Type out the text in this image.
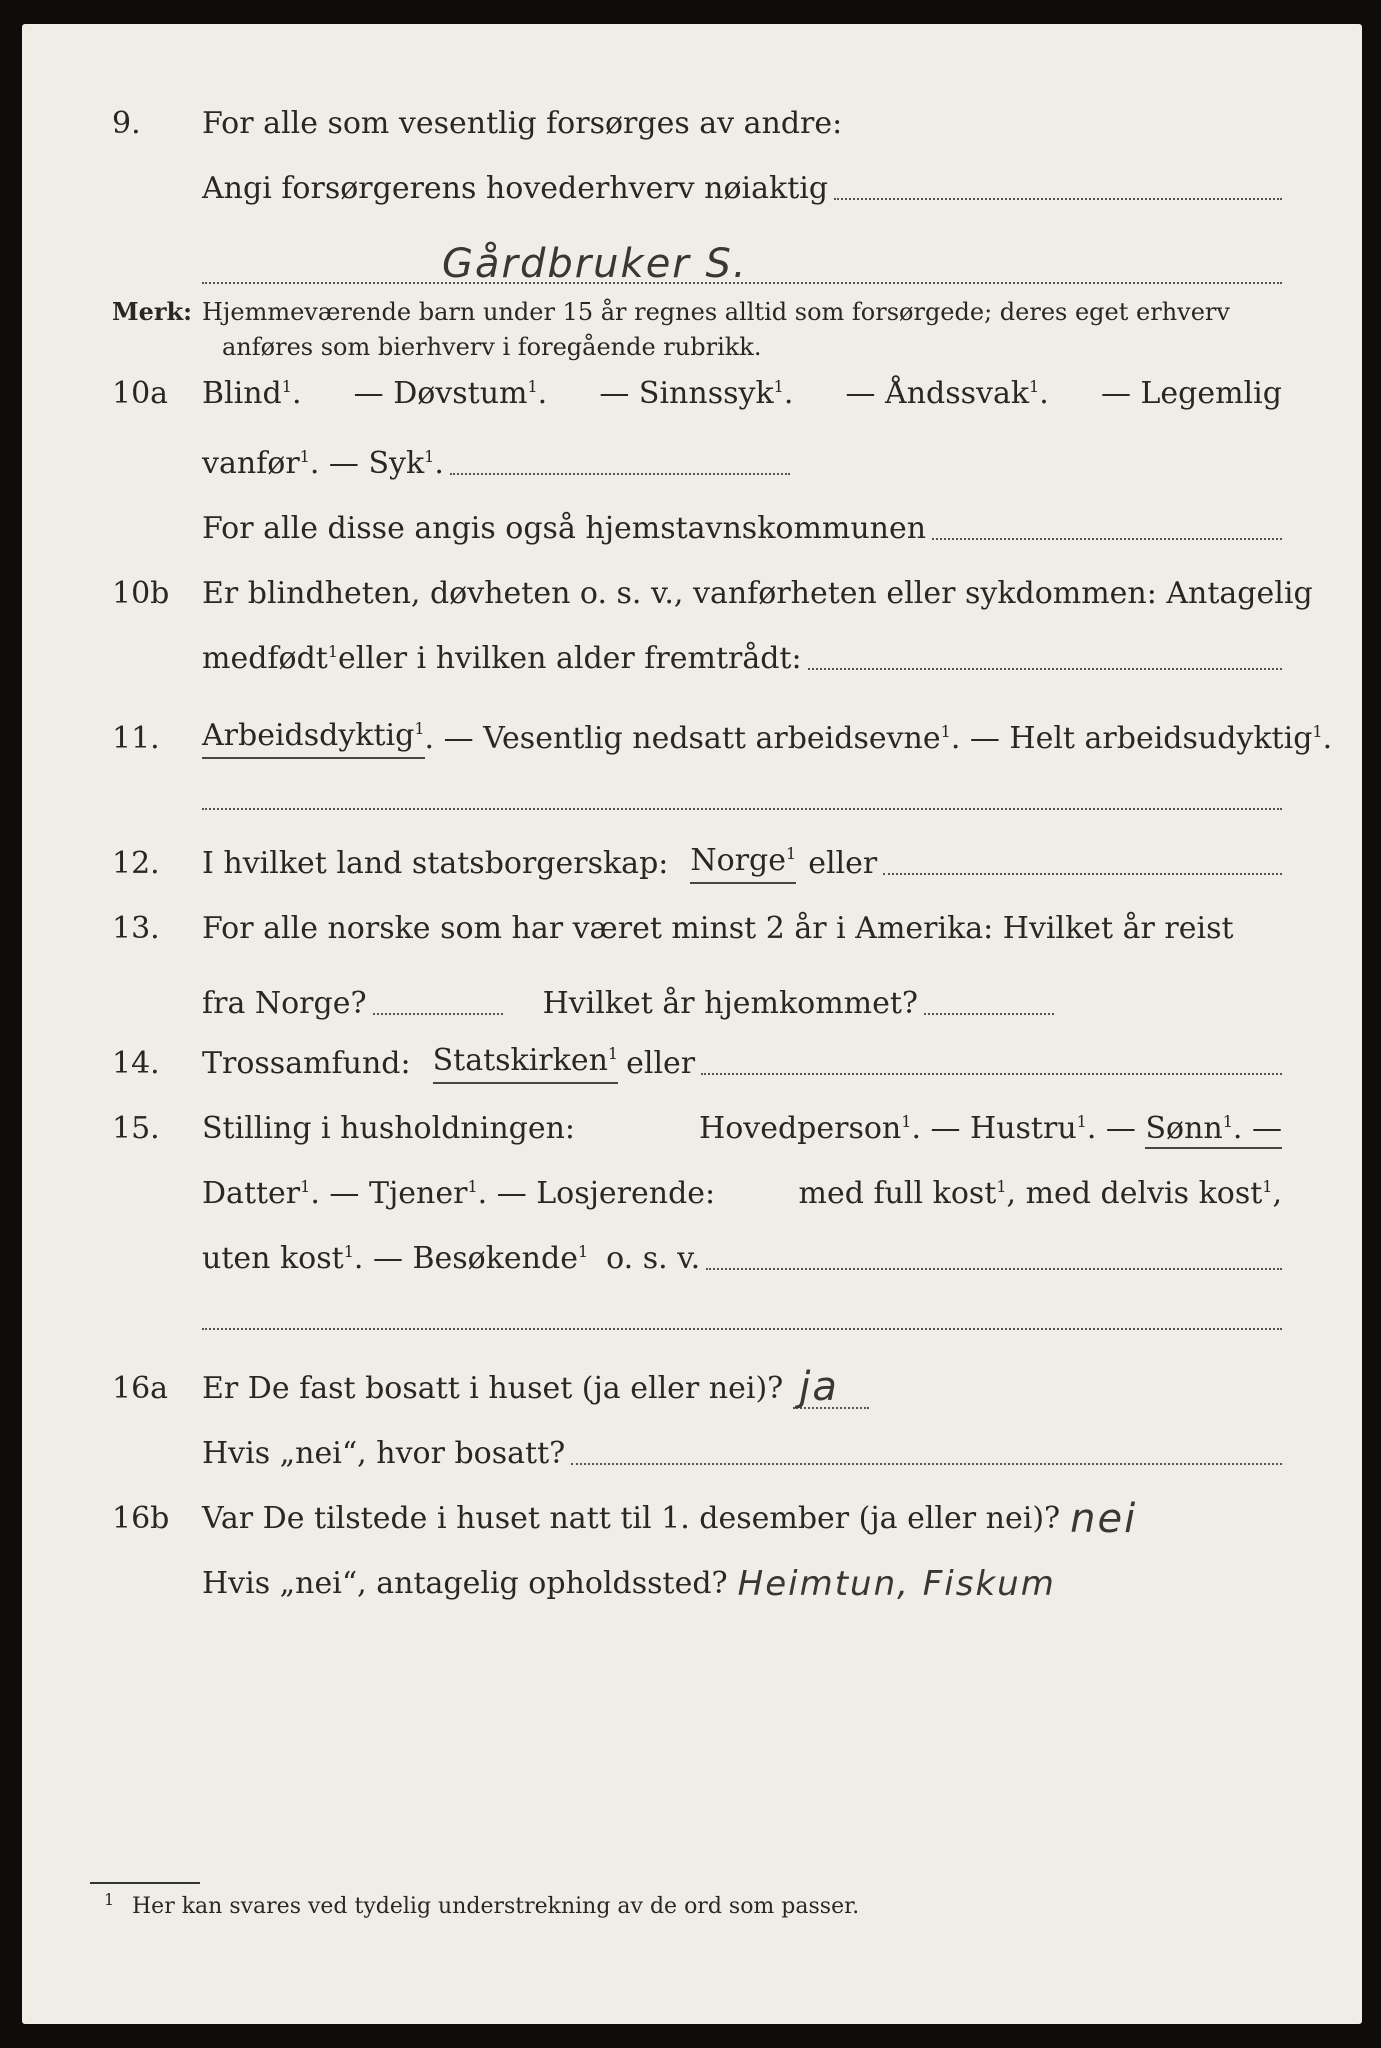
9.	For alle som vesentlig forsørges av andre:
Angi forsørgerens hovederhverv nøiaktig
Gårdbruker S.
Merk: Hjemmeværende barn under 15 år regnes alltid som forsørgede; deres eget erhverv
anføres som bierhverv i foregående rubrikk.
10a	Blind$^1$. — Døvstum$^1$. — Sinnssyk$^1$. — Åndssvak$^1$. — Legemlig
vanfør$^1$ . — Syk$^1$.
For alle disse angis også hjemstavnskommunen
10b	Er blindheten, døvheten o. s. v., vanførheten eller sykdommen: Antagelig
medfødt$^1$ eller i hvilken alder fremtrådt:
11.	Arbeidsdyktig$^1$ . — Vesentlig nedsatt arbeidsevne$^1$ . — Helt arbeidsudyktig$^1$.
12.	I hvilket land statsborgerskap: Norge$^1$ eller
13.	For alle norske som har været minst 2 år i Amerika: Hvilket år reist
fra Norge?	Hvilket år hjemkommet?
14.	Trossamfund: Statskirken$^1$ eller
15.	Stilling i husholdningen:	Hovedperson$^1$. — Hustru$^1$. — Sønn$^1$. —
Datter$^1$. — Tjener$^1$. — Losjerende:	med full kost$^1$, med delvis kost$^1$,
uten kost$^1$. — Besøkende$^1$ o. s. v.
16a	Er De fast bosatt i huset (ja eller nei)? ja
Hvis „nei“, hvor bosatt?
16b	Var De tilstede i huset natt til 1. desember (ja eller nei)? nei
Hvis „nei“, antagelig opholdssted? Heimtun, Fiskum
1 Her kan svares ved tydelig understrekning av de ord som passer.
